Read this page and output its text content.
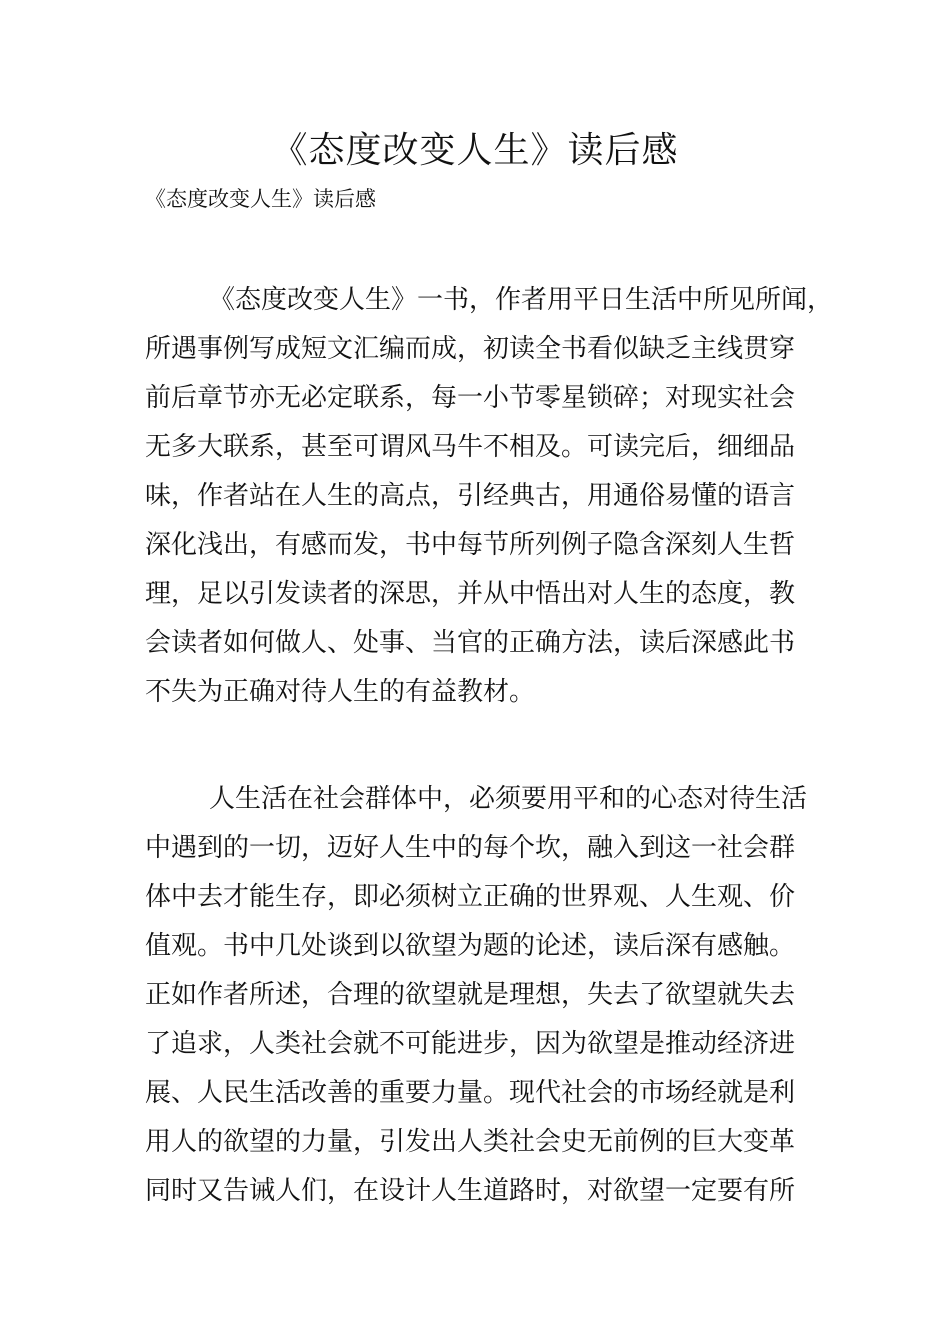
《态度改变人生》读后感

《态度改变人生》读后感

《态度改变人生》一书，作者用平日生活中所见所闻，
所遇事例写成短文汇编而成，初读全书看似缺乏主线贯穿
前后章节亦无必定联系，每一小节零星锁碎；对现实社会
无多大联系，甚至可谓风马牛不相及。可读完后，细细品
味，作者站在人生的高点，引经典古，用通俗易懂的语言
深化浅出，有感而发，书中每节所列例子隐含深刻人生哲
理，足以引发读者的深思，并从中悟出对人生的态度，教
会读者如何做人、处事、当官的正确方法，读后深感此书
不失为正确对待人生的有益教材。
人生活在社会群体中，必须要用平和的心态对待生活
中遇到的一切，迈好人生中的每个坎，融入到这一社会群
体中去才能生存，即必须树立正确的世界观、人生观、价
值观。书中几处谈到以欲望为题的论述，读后深有感触。
正如作者所述，合理的欲望就是理想，失去了欲望就失去
了追求，人类社会就不可能进步，因为欲望是推动经济进
展、人民生活改善的重要力量。现代社会的市场经就是利
用人的欲望的力量，引发出人类社会史无前例的巨大变革
同时又告诫人们，在设计人生道路时，对欲望一定要有所
